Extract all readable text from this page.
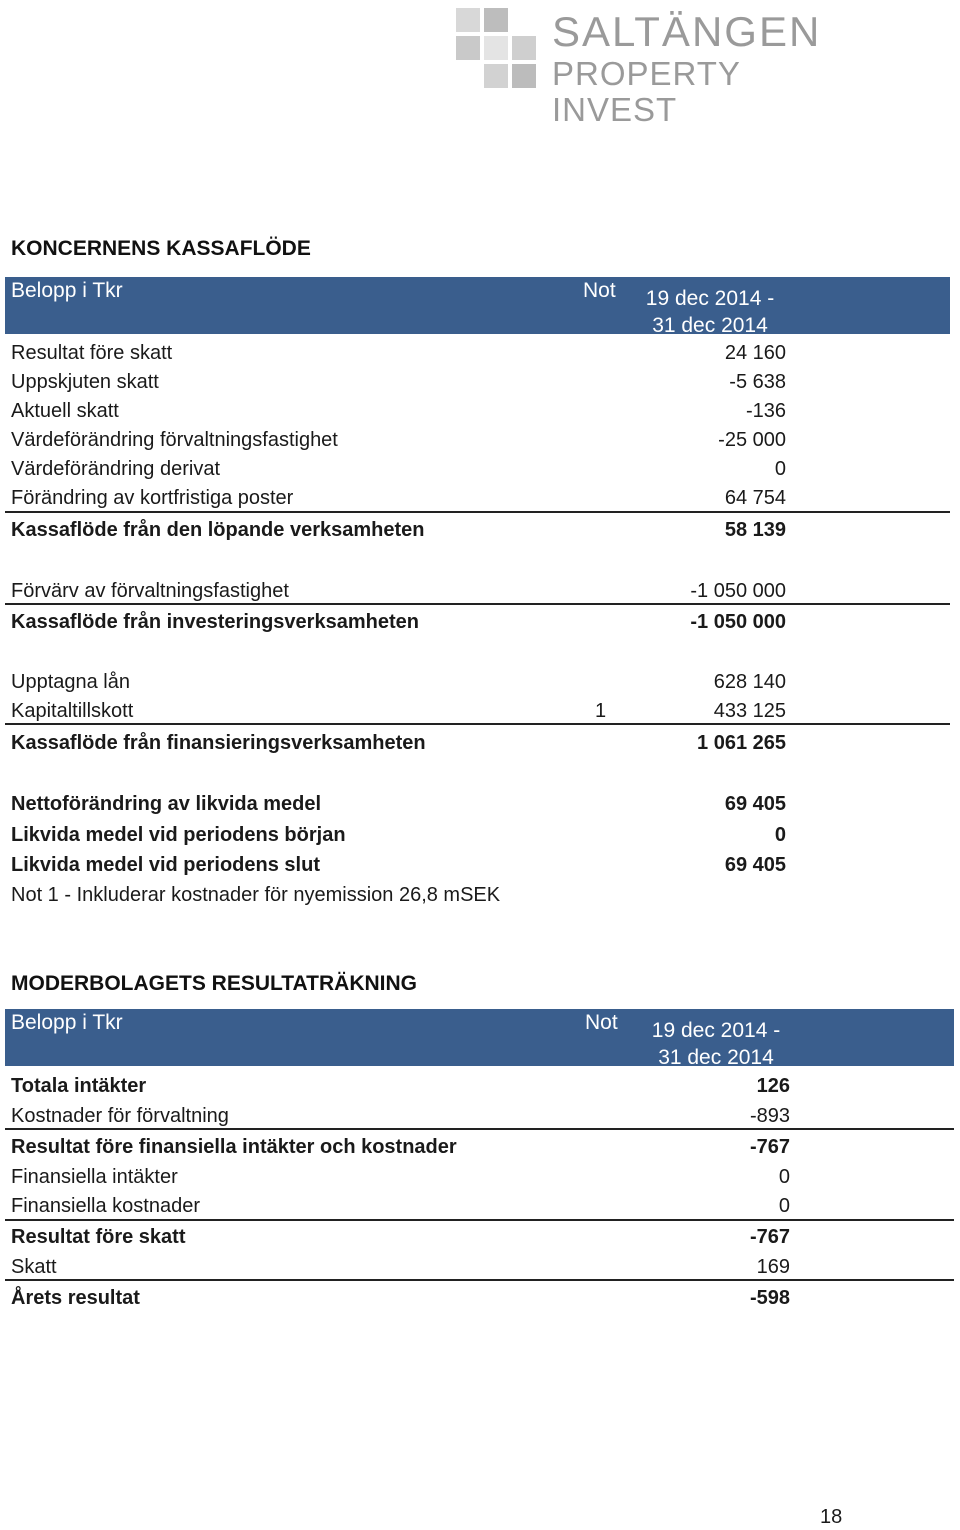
SALTÄNGEN
PROPERTY INVEST
KONCERNENS KASSAFLÖDE
Belopp i Tkr	Not	19 dec 2014 -
31 dec 2014
Resultat före skatt	24 160
Uppskjuten skatt	-5 638
Aktuell skatt	-136
Värdeförändring förvaltningsfastighet	-25 000
Värdeförändring derivat	0
Förändring av kortfristiga poster	64 754
Kassaflöde från den löpande verksamheten	58 139
Förvärv av förvaltningsfastighet	-1 050 000
Kassaflöde från investeringsverksamheten	-1 050 000
Upptagna lån	628 140
Kapitaltillskott	1	433 125
Kassaflöde från finansieringsverksamheten	1 061 265
Nettoförändring av likvida medel	69 405
Likvida medel vid periodens början	0
Likvida medel vid periodens slut	69 405
Not 1 - Inkluderar kostnader för nyemission 26,8 mSEK
MODERBOLAGETS RESULTATRÄKNING
Belopp i Tkr	Not	19 dec 2014 -
31 dec 2014
Totala intäkter	126
Kostnader för förvaltning	-893
Resultat före finansiella intäkter och kostnader	-767
Finansiella intäkter	0
Finansiella kostnader	0
Resultat före skatt	-767
Skatt	169
Årets resultat	-598
18
